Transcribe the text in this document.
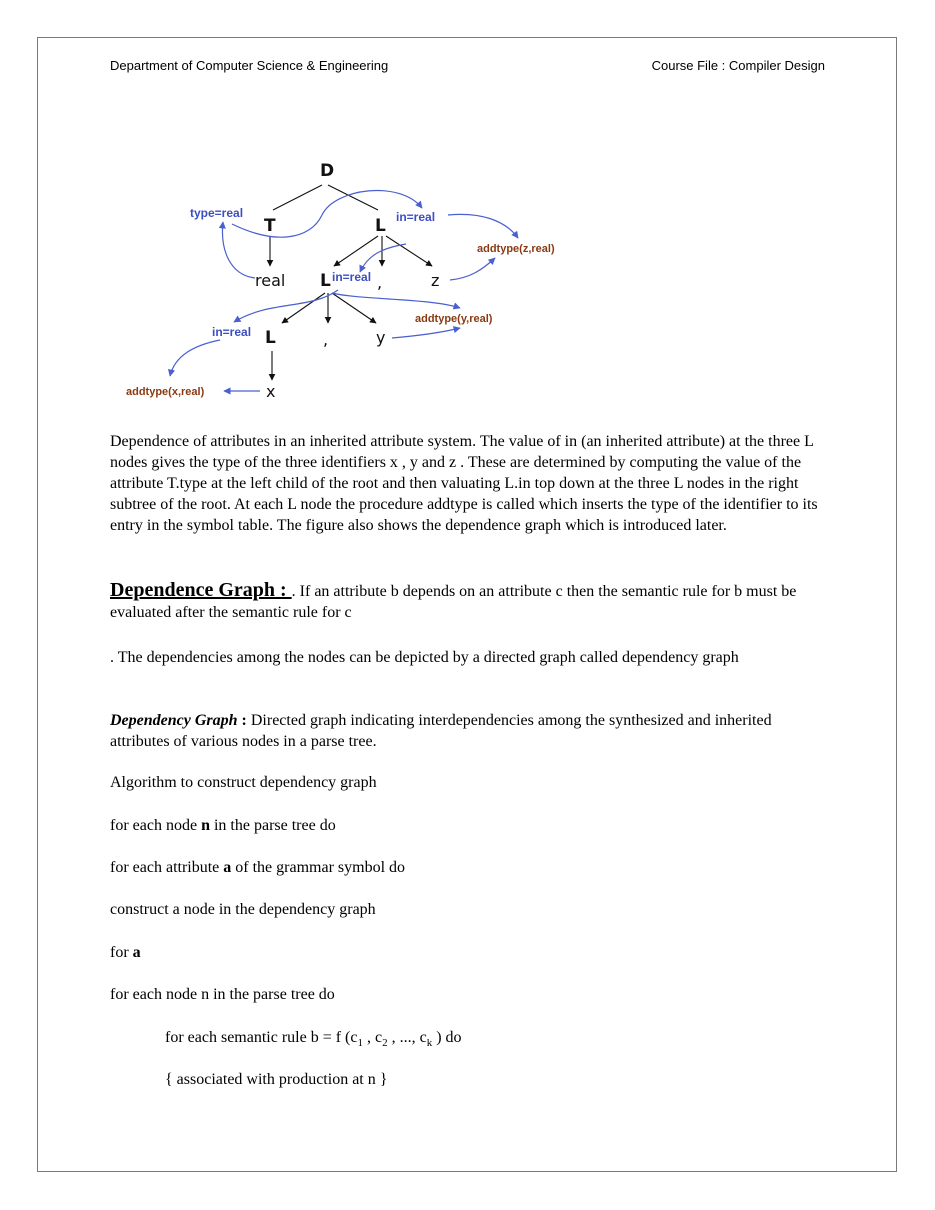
Department of Computer Science & Engineering	Course File : Compiler Design
D
T	L
real L	,	z
L	,	y
x
type=real	in=real
in=real
in=real
addtype(z,real)
addtype(y,real)
addtype(x,real)
Dependence of attributes in an inherited attribute system. The value of in (an inherited attribute) at the three L nodes gives the type of the three identifiers x , y and z . These are determined by computing the value of the attribute T.type at the left child of the root and then valuating L.in top down at the three L nodes in the right subtree of the root. At each L node the procedure addtype is called which inserts the type of the identifier to its entry in the symbol table. The figure also shows the dependence graph which is introduced later.
Dependence Graph : . If an attribute b depends on an attribute c then the semantic rule for b must be evaluated after the semantic rule for c
. The dependencies among the nodes can be depicted by a directed graph called dependency graph
Dependency Graph : Directed graph indicating interdependencies among the synthesized and inherited attributes of various nodes in a parse tree.
Algorithm to construct dependency graph
for each node n in the parse tree do
for each attribute a of the grammar symbol do
construct a node in the dependency graph
for a
for each node n in the parse tree do
for each semantic rule b = f ($c_1$ , $c_2$ , ..., $c_k$ ) do
{ associated with production at n }
